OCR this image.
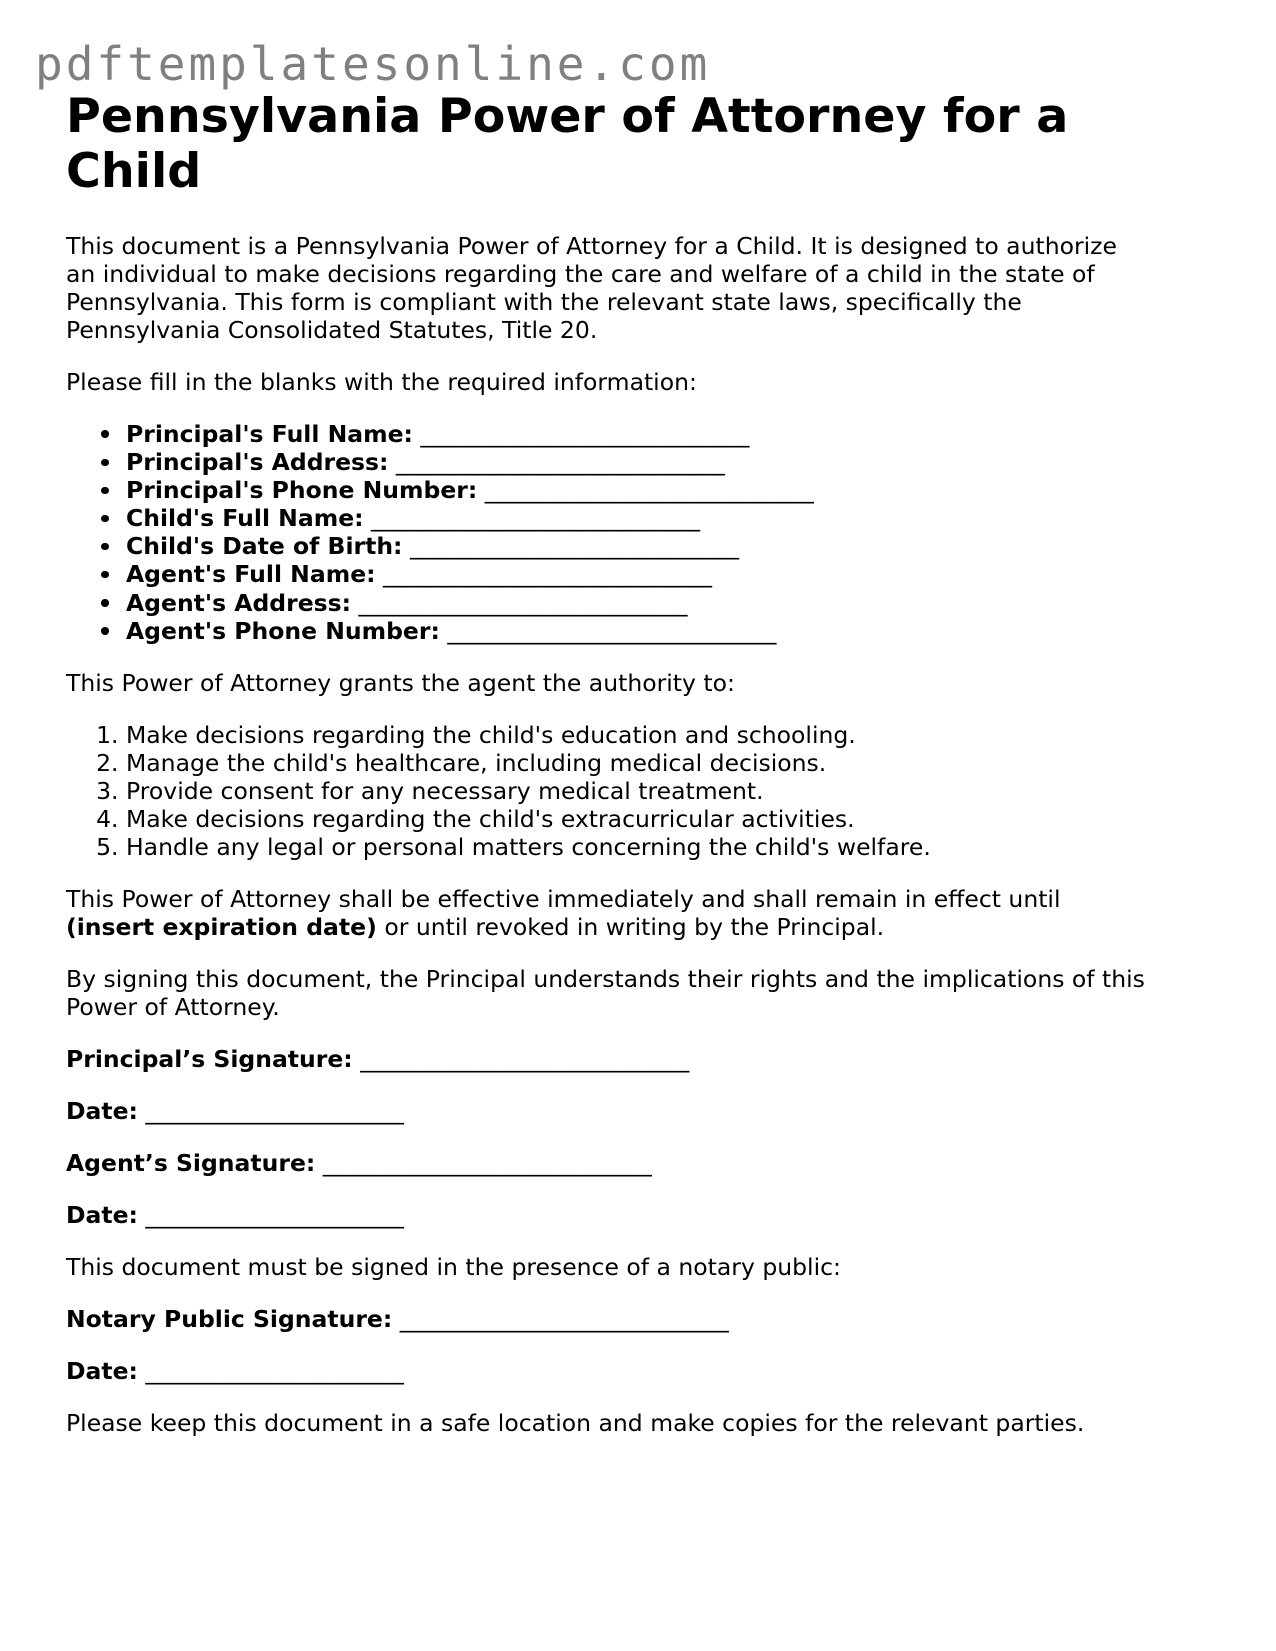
pdftemplatesonline.com
Pennsylvania Power of Attorney for a Child

This document is a Pennsylvania Power of Attorney for a Child. It is designed to authorize
an individual to make decisions regarding the care and welfare of a child in the state of
Pennsylvania. This form is compliant with the relevant state laws, specifically the
Pennsylvania Consolidated Statutes, Title 20.

Please fill in the blanks with the required information:

Principal's Full Name: ____________________________
Principal's Address: ____________________________
Principal's Phone Number: ____________________________
Child's Full Name: ____________________________
Child's Date of Birth: ____________________________
Agent's Full Name: ____________________________
Agent's Address: ____________________________
Agent's Phone Number: ____________________________

This Power of Attorney grants the agent the authority to:

1. Make decisions regarding the child's education and schooling.
2. Manage the child's healthcare, including medical decisions.
3. Provide consent for any necessary medical treatment.
4. Make decisions regarding the child's extracurricular activities.
5. Handle any legal or personal matters concerning the child's welfare.

This Power of Attorney shall be effective immediately and shall remain in effect until
(insert expiration date) or until revoked in writing by the Principal.

By signing this document, the Principal understands their rights and the implications of this
Power of Attorney.

Principal’s Signature: ____________________________

Date: ______________________

Agent’s Signature: ____________________________

Date: ______________________

This document must be signed in the presence of a notary public:

Notary Public Signature: ____________________________

Date: ______________________

Please keep this document in a safe location and make copies for the relevant parties.
